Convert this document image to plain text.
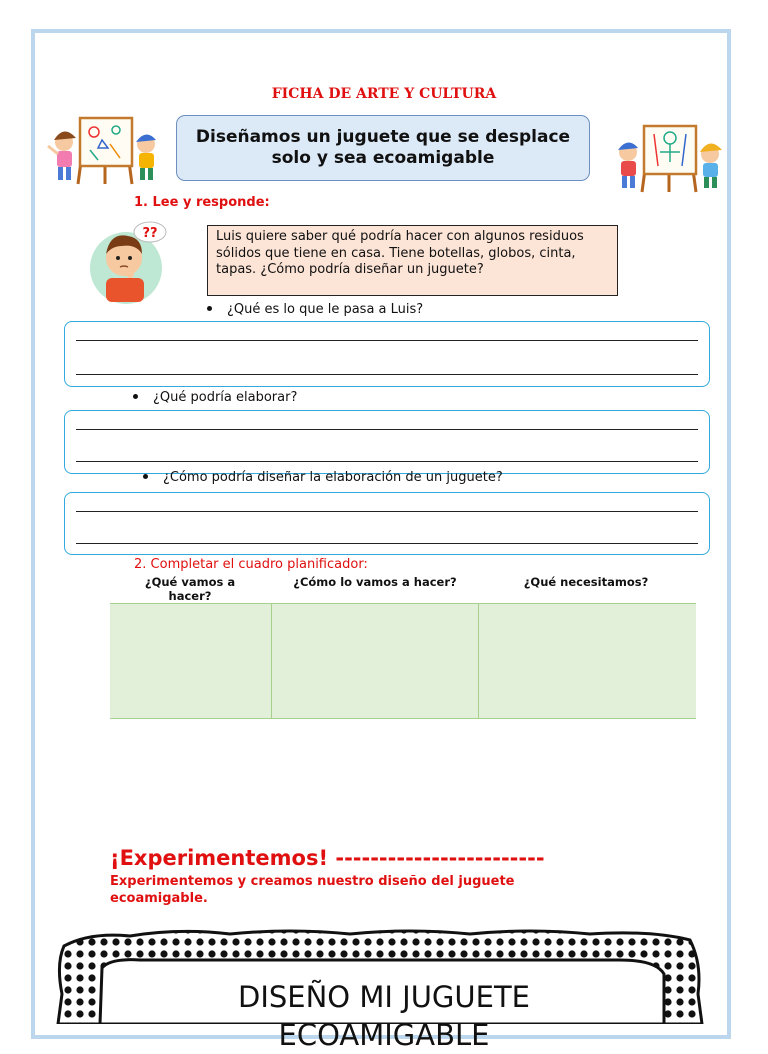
FICHA DE ARTE Y CULTURA
Diseñamos un juguete que se desplace solo y sea ecoamigable
1. Lee y responde:
??	Luis quiere saber qué podría hacer con algunos residuos sólidos que tiene en casa. Tiene botellas, globos, cinta, tapas. ¿Cómo podría diseñar un juguete?
¿Qué es lo que le pasa a Luis?
¿Qué podría elaborar?
¿Cómo podría diseñar la elaboración de un juguete?
2. Completar el cuadro planificador:
¿Qué vamos a hacer?
¿Cómo lo vamos a hacer?	¿Qué necesitamos?
¡Experimentemos! ------------------------
Experimentemos y creamos nuestro diseño del juguete ecoamigable.
DISEÑO MI JUGUETE ECOAMIGABLE
